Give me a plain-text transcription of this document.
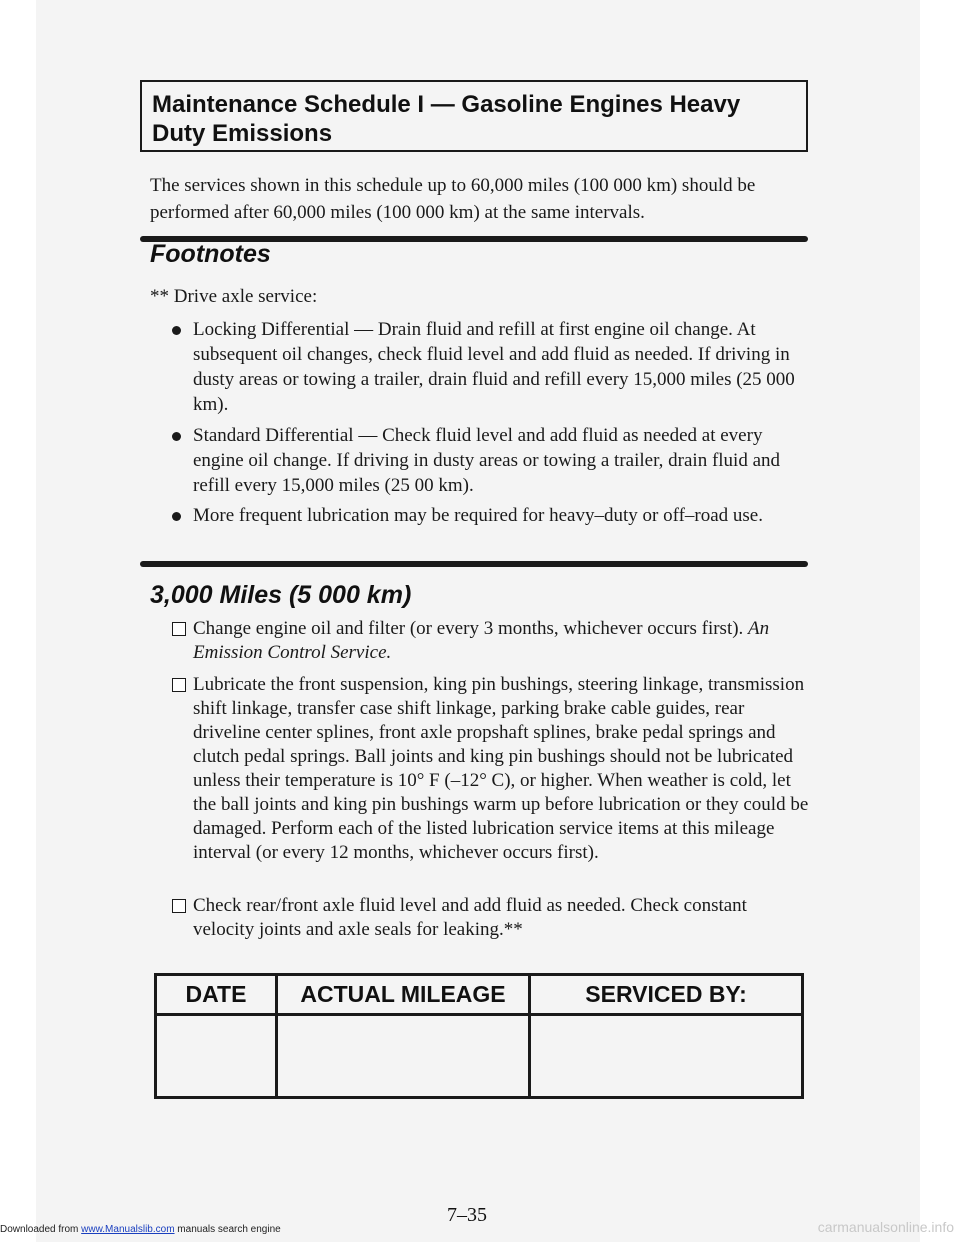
Maintenance Schedule I — Gasoline Engines Heavy Duty Emissions
The services shown in this schedule up to 60,000 miles (100 000 km) should be performed after 60,000 miles (100 000 km) at the same intervals.
Footnotes
** Drive axle service:
Locking Differential — Drain fluid and refill at first engine oil change. At subsequent oil changes, check fluid level and add fluid as needed. If driving in dusty areas or towing a trailer, drain fluid and refill every 15,000 miles (25 000 km).
Standard Differential — Check fluid level and add fluid as needed at every engine oil change. If driving in dusty areas or towing a trailer, drain fluid and refill every 15,000 miles (25 00 km).
More frequent lubrication may be required for heavy–duty or off–road use.
3,000 Miles (5 000 km)
Change engine oil and filter (or every 3 months, whichever occurs first). An Emission Control Service.
Lubricate the front suspension, king pin bushings, steering linkage, transmission shift linkage, transfer case shift linkage, parking brake cable guides, rear driveline center splines, front axle propshaft splines, brake pedal springs and clutch pedal springs. Ball joints and king pin bushings should not be lubricated unless their temperature is 10° F (–12° C), or higher. When weather is cold, let the ball joints and king pin bushings warm up before lubrication or they could be damaged. Perform each of the listed lubrication service items at this mileage interval (or every 12 months, whichever occurs first).
Check rear/front axle fluid level and add fluid as needed. Check constant velocity joints and axle seals for leaking.**
DATE	ACTUAL MILEAGE	SERVICED BY:
Downloaded from www.Manualslib.com manuals search engine
7–35
carmanualsonline.info
